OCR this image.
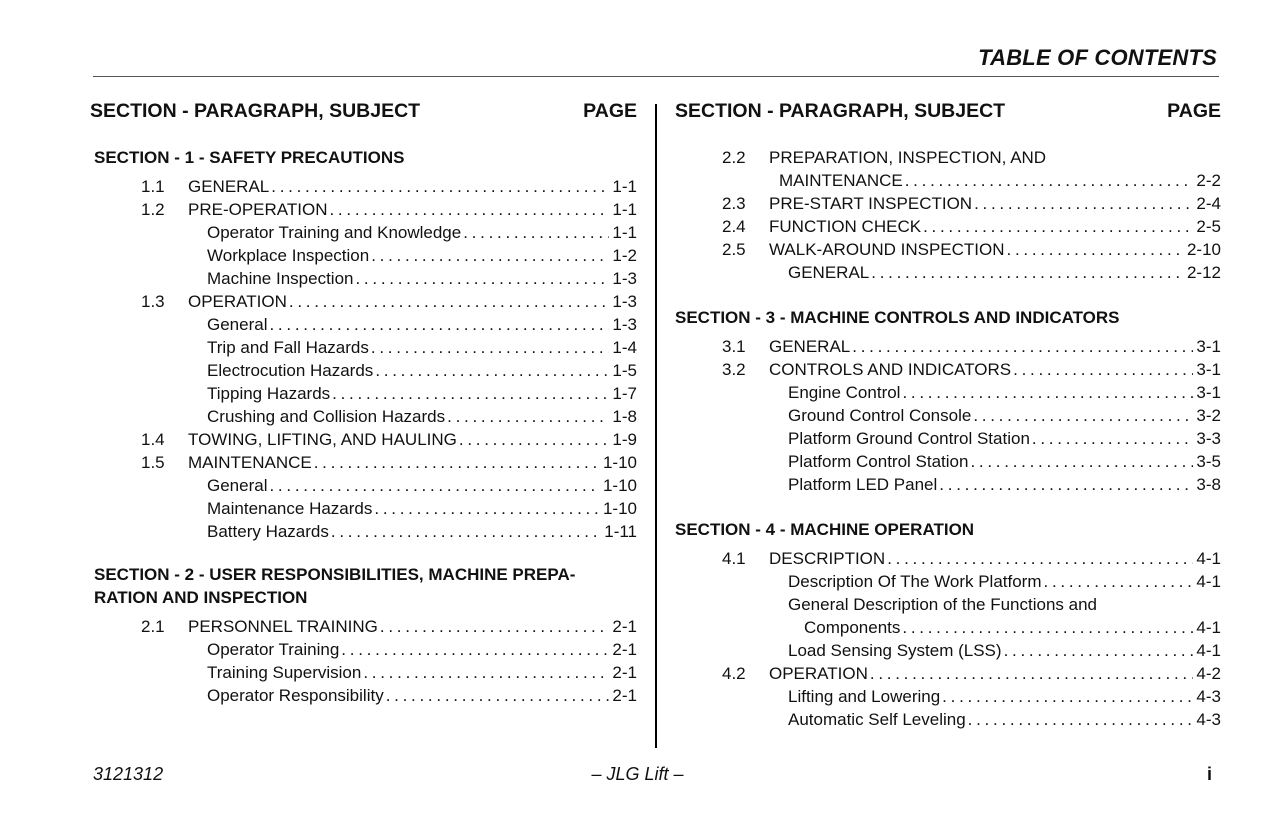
TABLE OF CONTENTS
SECTION - PARAGRAPH, SUBJECT	PAGE
SECTION - 1 - SAFETY PRECAUTIONS
1.1 GENERAL . . .	1-1
1.2 PRE-OPERATION . . .	1-1
Operator Training and Knowledge . . .	1-1
Workplace Inspection . . .	1-2
Machine Inspection . . .	1-3
1.3 OPERATION . . .	1-3
General . . .	1-3
Trip and Fall Hazards . . .	1-4
Electrocution Hazards . . .	1-5
Tipping Hazards . . .	1-7
Crushing and Collision Hazards . . .	1-8
1.4 TOWING, LIFTING, AND HAULING . . .	1-9
1.5 MAINTENANCE . . .	1-10
General . . .	1-10
Maintenance Hazards . . .	1-10
Battery Hazards . . .	1-11
SECTION - 2 - USER RESPONSIBILITIES, MACHINE PREPA-
RATION AND INSPECTION
2.1 PERSONNEL TRAINING . . .	2-1
Operator Training . . .	2-1
Training Supervision . . .	2-1
Operator Responsibility . . .	2-1
SECTION - PARAGRAPH, SUBJECT	PAGE
2.2 PREPARATION, INSPECTION, AND
MAINTENANCE . . .	2-2
2.3 PRE-START INSPECTION . . .	2-4
2.4 FUNCTION CHECK . . .	2-5
2.5 WALK-AROUND INSPECTION . . .	2-10
GENERAL . . .	2-12
SECTION - 3 - MACHINE CONTROLS AND INDICATORS
3.1 GENERAL . . .	3-1
3.2 CONTROLS AND INDICATORS . . .	3-1
Engine Control . . .	3-1
Ground Control Console . . .	3-2
Platform Ground Control Station . . .	3-3
Platform Control Station . . .	3-5
Platform LED Panel . . .	3-8
SECTION - 4 - MACHINE OPERATION
4.1 DESCRIPTION . . .	4-1
Description Of The Work Platform . . .	4-1
General Description of the Functions and
Components . . .	4-1
Load Sensing System (LSS) . . .	4-1
4.2 OPERATION . . .	4-2
Lifting and Lowering . . .	4-3
Automatic Self Leveling . . .	4-3
3121312	– JLG Lift –	i
